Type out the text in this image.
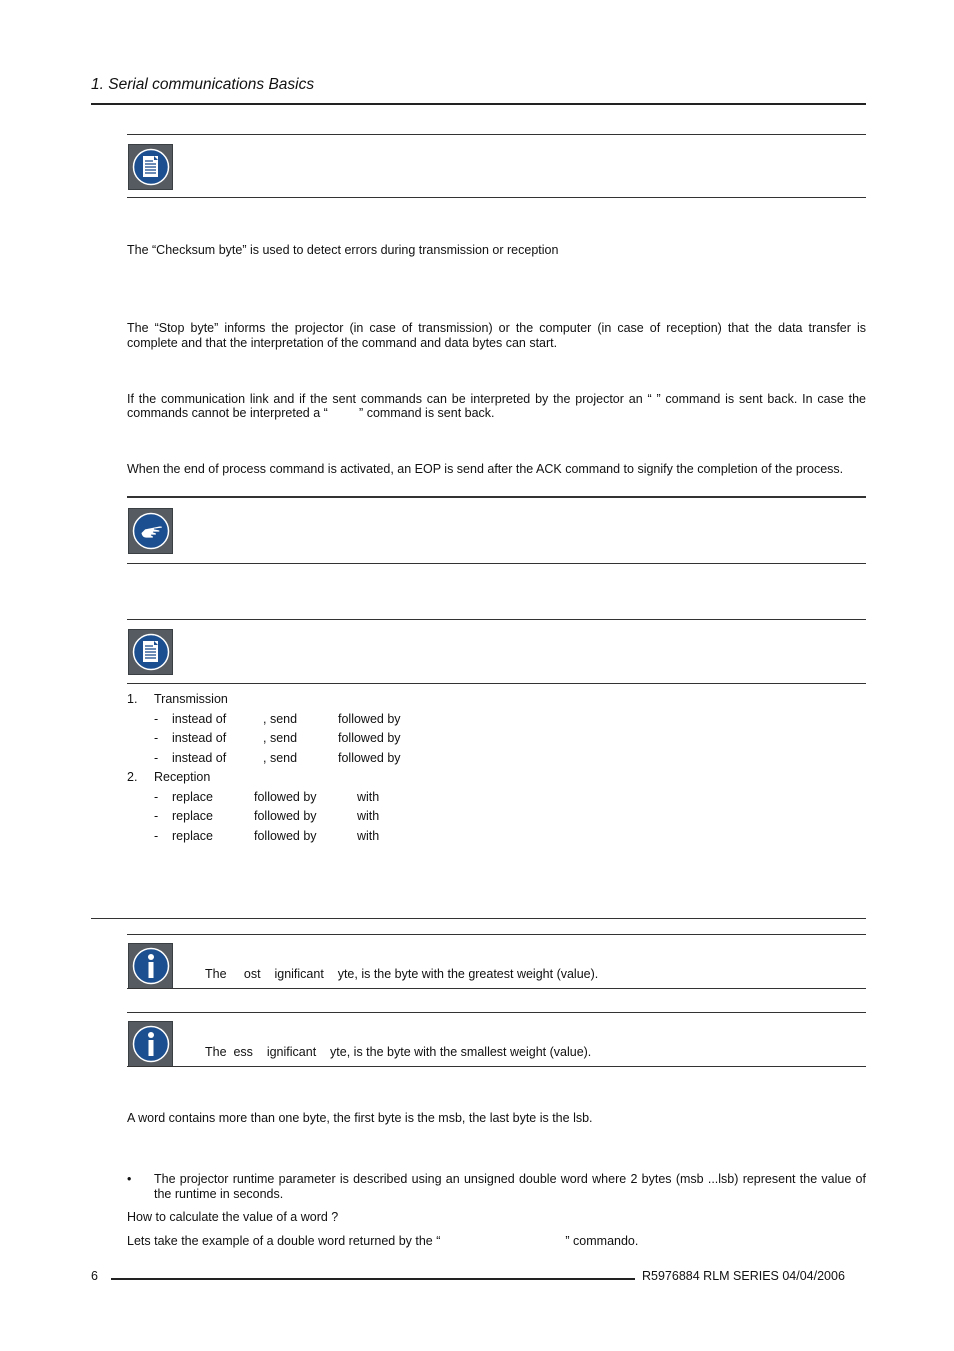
1. Serial communications Basics
The “Checksum byte” is used to detect errors during transmission or reception
The “Stop byte” informs the projector (in case of transmission) or the computer (in case of reception) that the data transfer is complete and that the interpretation of the command and data bytes can start.
If the communication link and if the sent commands can be interpreted by the projector an “ ” command is sent back. In case the
commands cannot be interpreted a “         ” command is sent back.
When the end of process command is activated, an EOP is send after the ACK command to signify the completion of the process.
1. Transmission
- instead of	, send	followed by
- instead of	, send	followed by
- instead of	, send	followed by
2. Reception
- replace	followed by	with
- replace	followed by	with
- replace	followed by	with
The     ost    ignificant    yte, is the byte with the greatest weight (value).
The  ess    ignificant    yte, is the byte with the smallest weight (value).
A word contains more than one byte, the first byte is the msb, the last byte is the lsb.
• The projector runtime parameter is described using an unsigned double word where 2 bytes (msb ...lsb) represent the value of the runtime in seconds.
How to calculate the value of a word ?
Lets take the example of a double word returned by the “                                    ” commando.
6	R5976884 RLM SERIES 04/04/2006
